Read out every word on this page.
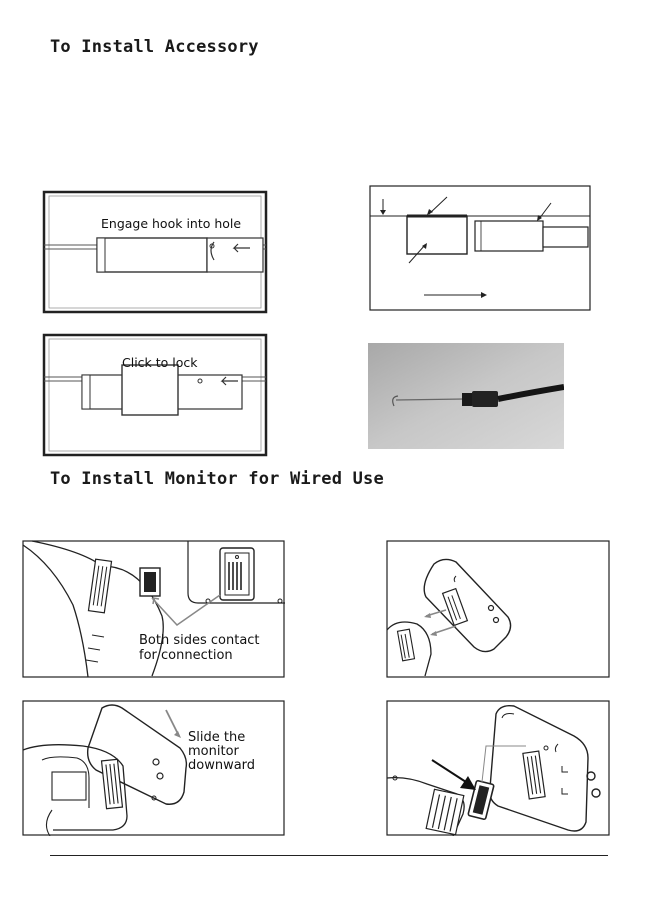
To Install Accessory
Engage hook into hole
Click to lock
To Install Monitor for Wired Use
Both sides contact
for connection
Slide the
monitor
downward
